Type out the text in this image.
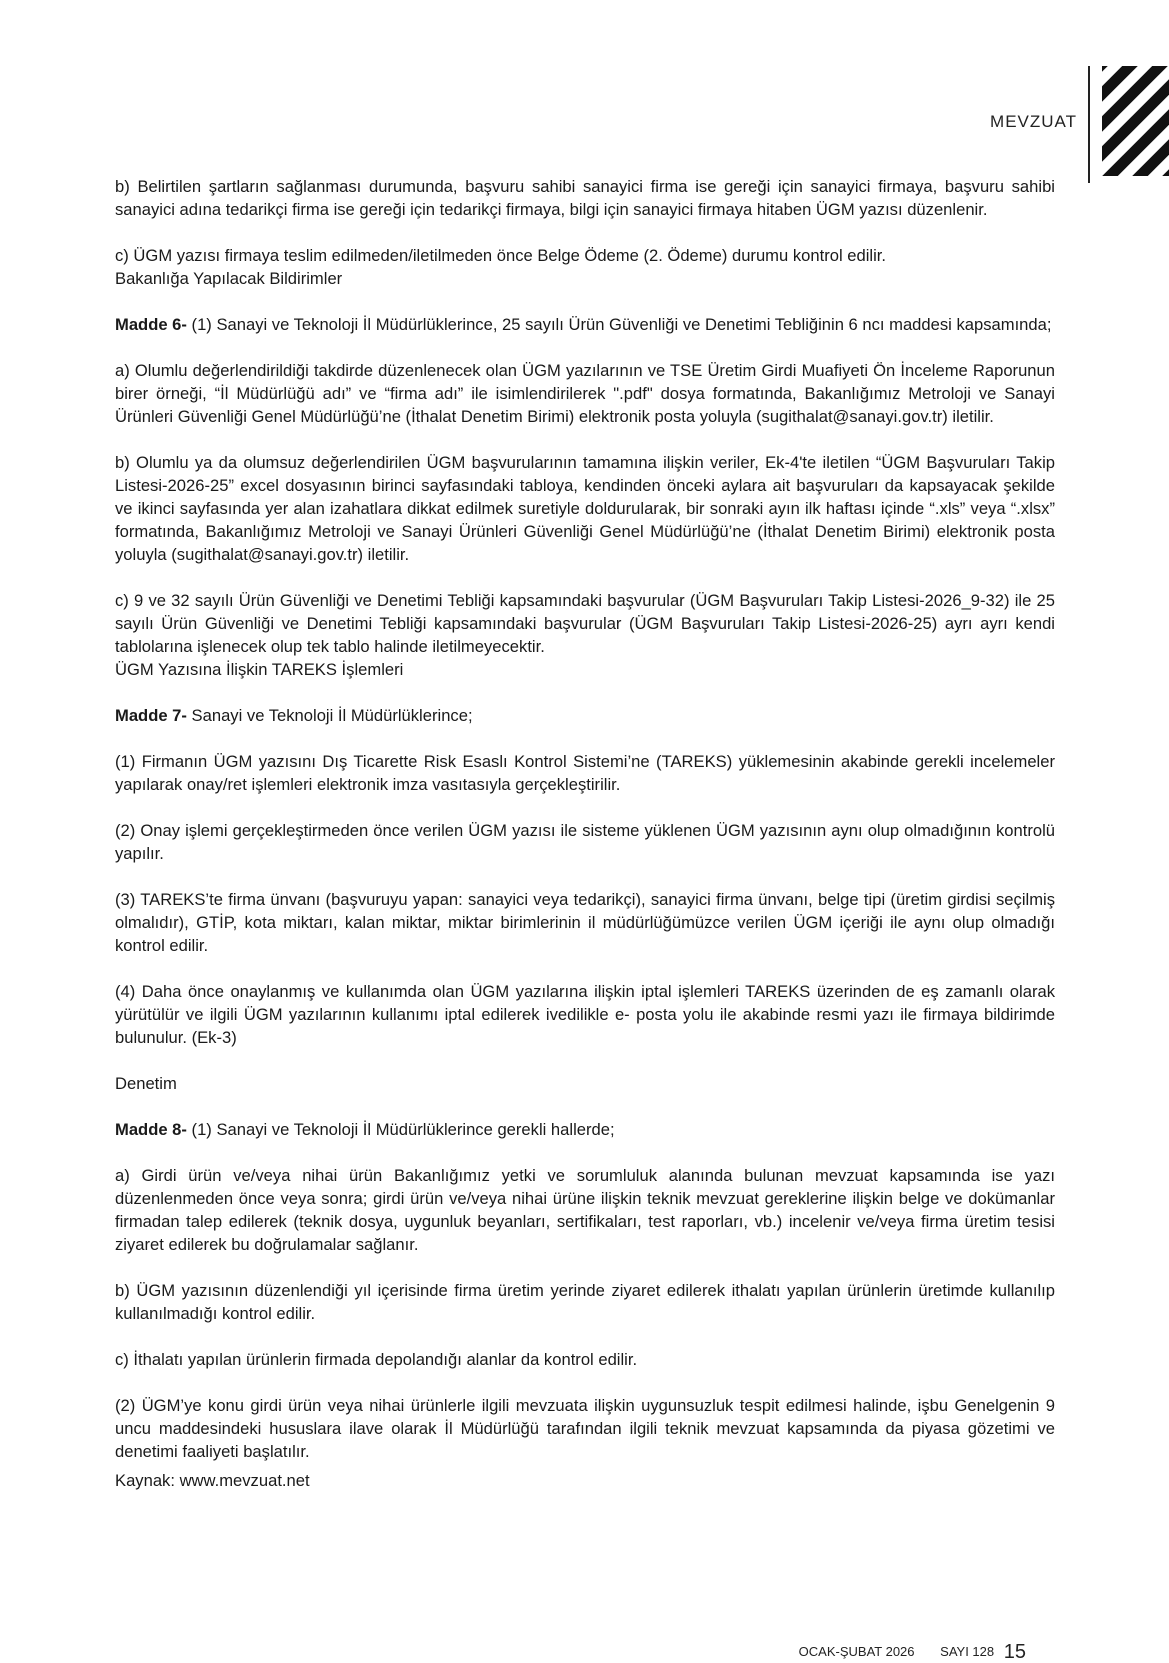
MEVZUAT

b) Belirtilen şartların sağlanması durumunda, başvuru sahibi sanayici firma ise gereği için sanayici firmaya, başvuru sahibi sanayici adına tedarikçi firma ise gereği için tedarikçi firmaya, bilgi için sanayici firmaya hitaben ÜGM yazısı düzenlenir.

c) ÜGM yazısı firmaya teslim edilmeden/iletilmeden önce Belge Ödeme (2. Ödeme) durumu kontrol edilir.

Bakanlığa Yapılacak Bildirimler

Madde 6- (1) Sanayi ve Teknoloji İl Müdürlüklerince, 25 sayılı Ürün Güvenliği ve Denetimi Tebliğinin 6 ncı maddesi kapsamında;

a) Olumlu değerlendirildiği takdirde düzenlenecek olan ÜGM yazılarının ve TSE Üretim Girdi Muafiyeti Ön İnceleme Raporunun birer örneği, “İl Müdürlüğü adı” ve “firma adı” ile isimlendirilerek ".pdf" dosya formatında, Bakanlığımız Metroloji ve Sanayi Ürünleri Güvenliği Genel Müdürlüğü’ne (İthalat Denetim Birimi) elektronik posta yoluyla (sugithalat@sanayi.gov.tr) iletilir.

b) Olumlu ya da olumsuz değerlendirilen ÜGM başvurularının tamamına ilişkin veriler, Ek-4'te iletilen “ÜGM Başvuruları Takip Listesi-2026-25” excel dosyasının birinci sayfasındaki tabloya, kendinden önceki aylara ait başvuruları da kapsayacak şekilde ve ikinci sayfasında yer alan izahatlara dikkat edilmek suretiyle doldurularak, bir sonraki ayın ilk haftası içinde “.xls” veya “.xlsx” formatında, Bakanlığımız Metroloji ve Sanayi Ürünleri Güvenliği Genel Müdürlüğü’ne (İthalat Denetim Birimi) elektronik posta yoluyla (sugithalat@sanayi.gov.tr) iletilir.

c) 9 ve 32 sayılı Ürün Güvenliği ve Denetimi Tebliği kapsamındaki başvurular (ÜGM Başvuruları Takip Listesi-2026_9-32) ile 25 sayılı Ürün Güvenliği ve Denetimi Tebliği kapsamındaki başvurular (ÜGM Başvuruları Takip Listesi-2026-25) ayrı ayrı kendi tablolarına işlenecek olup tek tablo halinde iletilmeyecektir.

ÜGM Yazısına İlişkin TAREKS İşlemleri

Madde 7- Sanayi ve Teknoloji İl Müdürlüklerince;

(1) Firmanın ÜGM yazısını Dış Ticarette Risk Esaslı Kontrol Sistemi’ne (TAREKS) yüklemesinin akabinde gerekli incelemeler yapılarak onay/ret işlemleri elektronik imza vasıtasıyla gerçekleştirilir.

(2) Onay işlemi gerçekleştirmeden önce verilen ÜGM yazısı ile sisteme yüklenen ÜGM yazısının aynı olup olmadığının kontrolü yapılır.

(3) TAREKS’te firma ünvanı (başvuruyu yapan: sanayici veya tedarikçi), sanayici firma ünvanı, belge tipi (üretim girdisi seçilmiş olmalıdır), GTİP, kota miktarı, kalan miktar, miktar birimlerinin il müdürlüğümüzce verilen ÜGM içeriği ile aynı olup olmadığı kontrol edilir.

(4) Daha önce onaylanmış ve kullanımda olan ÜGM yazılarına ilişkin iptal işlemleri TAREKS üzerinden de eş zamanlı olarak yürütülür ve ilgili ÜGM yazılarının kullanımı iptal edilerek ivedilikle e- posta yolu ile akabinde resmi yazı ile firmaya bildirimde bulunulur. (Ek-3)

Denetim

Madde 8- (1) Sanayi ve Teknoloji İl Müdürlüklerince gerekli hallerde;

a) Girdi ürün ve/veya nihai ürün Bakanlığımız yetki ve sorumluluk alanında bulunan mevzuat kapsamında ise yazı düzenlenmeden önce veya sonra; girdi ürün ve/veya nihai ürüne ilişkin teknik mevzuat gereklerine ilişkin belge ve dokümanlar firmadan talep edilerek (teknik dosya, uygunluk beyanları, sertifikaları, test raporları, vb.) incelenir ve/veya firma üretim tesisi ziyaret edilerek bu doğrulamalar sağlanır.

b) ÜGM yazısının düzenlendiği yıl içerisinde firma üretim yerinde ziyaret edilerek ithalatı yapılan ürünlerin üretimde kullanılıp kullanılmadığı kontrol edilir.

c) İthalatı yapılan ürünlerin firmada depolandığı alanlar da kontrol edilir.

(2) ÜGM’ye konu girdi ürün veya nihai ürünlerle ilgili mevzuata ilişkin uygunsuzluk tespit edilmesi halinde, işbu Genelgenin 9 uncu maddesindeki hususlara ilave olarak İl Müdürlüğü tarafından ilgili teknik mevzuat kapsamında da piyasa gözetimi ve denetimi faaliyeti başlatılır.

Kaynak: www.mevzuat.net

OCAK-ŞUBAT 2026 SAYI 128 15
